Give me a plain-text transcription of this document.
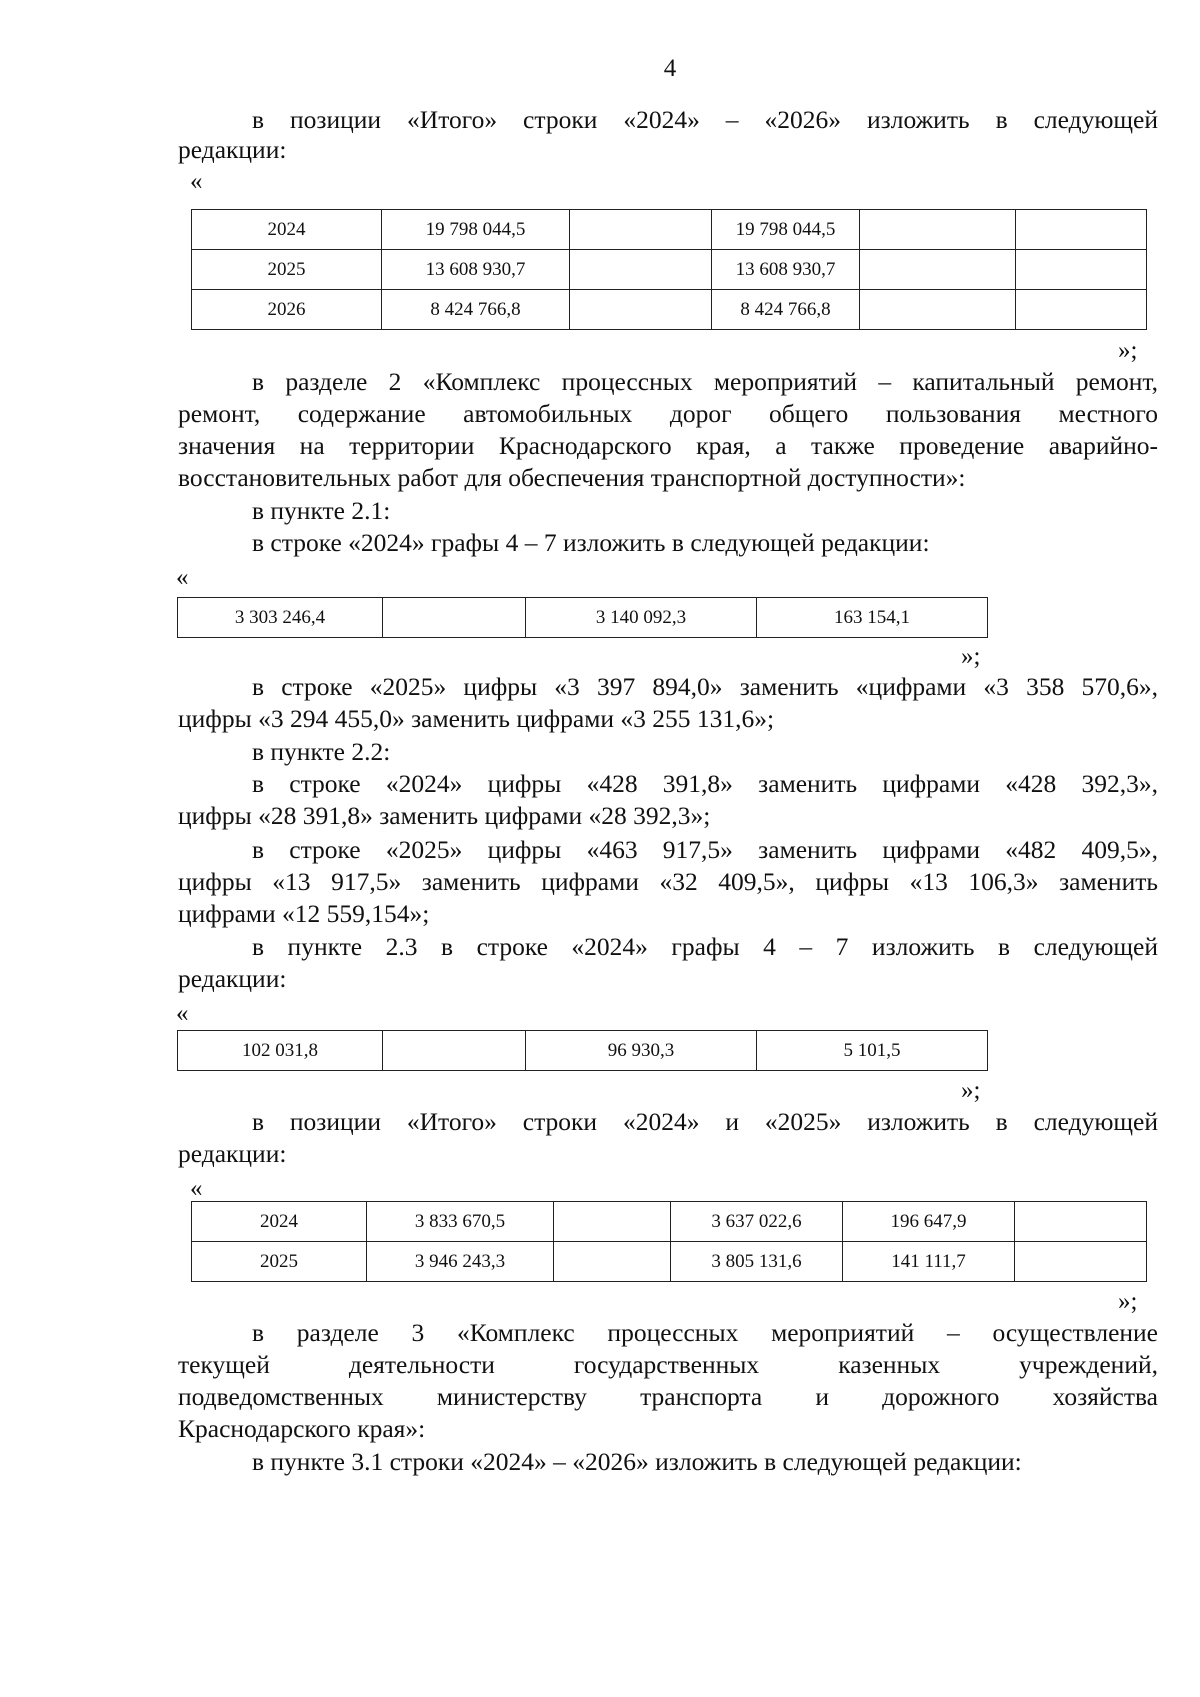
4
в позиции «Итого» строки «2024» – «2026» изложить в следующей
редакции:
«
2024	19 798 044,5		19 798 044,5		
2025	13 608 930,7		13 608 930,7		
2026	8 424 766,8		8 424 766,8		
»;
в разделе 2 «Комплекс процессных мероприятий – капитальный ремонт,
ремонт, содержание автомобильных дорог общего пользования местного
значения на территории Краснодарского края, а также проведение аварийно-
восстановительных работ для обеспечения транспортной доступности»:
в пункте 2.1:
в строке «2024» графы 4 – 7 изложить в следующей редакции:
«
3 303 246,4		3 140 092,3	163 154,1
»;
в строке «2025» цифры «3 397 894,0» заменить «цифрами «3 358 570,6»,
цифры «3 294 455,0» заменить цифрами «3 255 131,6»;
в пункте 2.2:
в строке «2024» цифры «428 391,8» заменить цифрами «428 392,3»,
цифры «28 391,8» заменить цифрами «28 392,3»;
в строке «2025» цифры «463 917,5» заменить цифрами «482 409,5»,
цифры «13 917,5» заменить цифрами «32 409,5», цифры «13 106,3» заменить
цифрами «12 559,154»;
в пункте 2.3 в строке «2024» графы 4 – 7 изложить в следующей
редакции:
«
102 031,8		96 930,3	5 101,5
»;
в позиции «Итого» строки «2024» и «2025» изложить в следующей
редакции:
«
2024	3 833 670,5		3 637 022,6	196 647,9	
2025	3 946 243,3		3 805 131,6	141 111,7	
»;
в разделе 3 «Комплекс процессных мероприятий – осуществление
текущей деятельности государственных казенных учреждений,
подведомственных министерству транспорта и дорожного хозяйства
Краснодарского края»:
в пункте 3.1 строки «2024» – «2026» изложить в следующей редакции:
